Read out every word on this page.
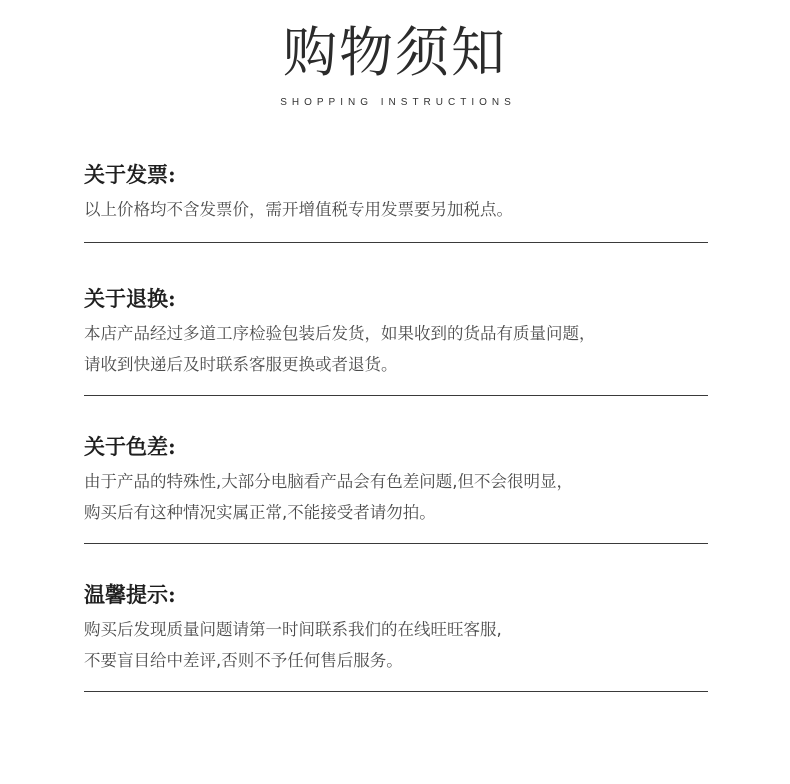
购物须知
SHOPPING INSTRUCTIONS
关于发票:
以上价格均不含发票价，需开增值税专用发票要另加税点。
关于退换:
本店产品经过多道工序检验包装后发货，如果收到的货品有质量问题，
请收到快递后及时联系客服更换或者退货。
关于色差:
由于产品的特殊性,大部分电脑看产品会有色差问题,但不会很明显，
购买后有这种情况实属正常,不能接受者请勿拍。
温馨提示:
购买后发现质量问题请第一时间联系我们的在线旺旺客服,
不要盲目给中差评,否则不予任何售后服务。
